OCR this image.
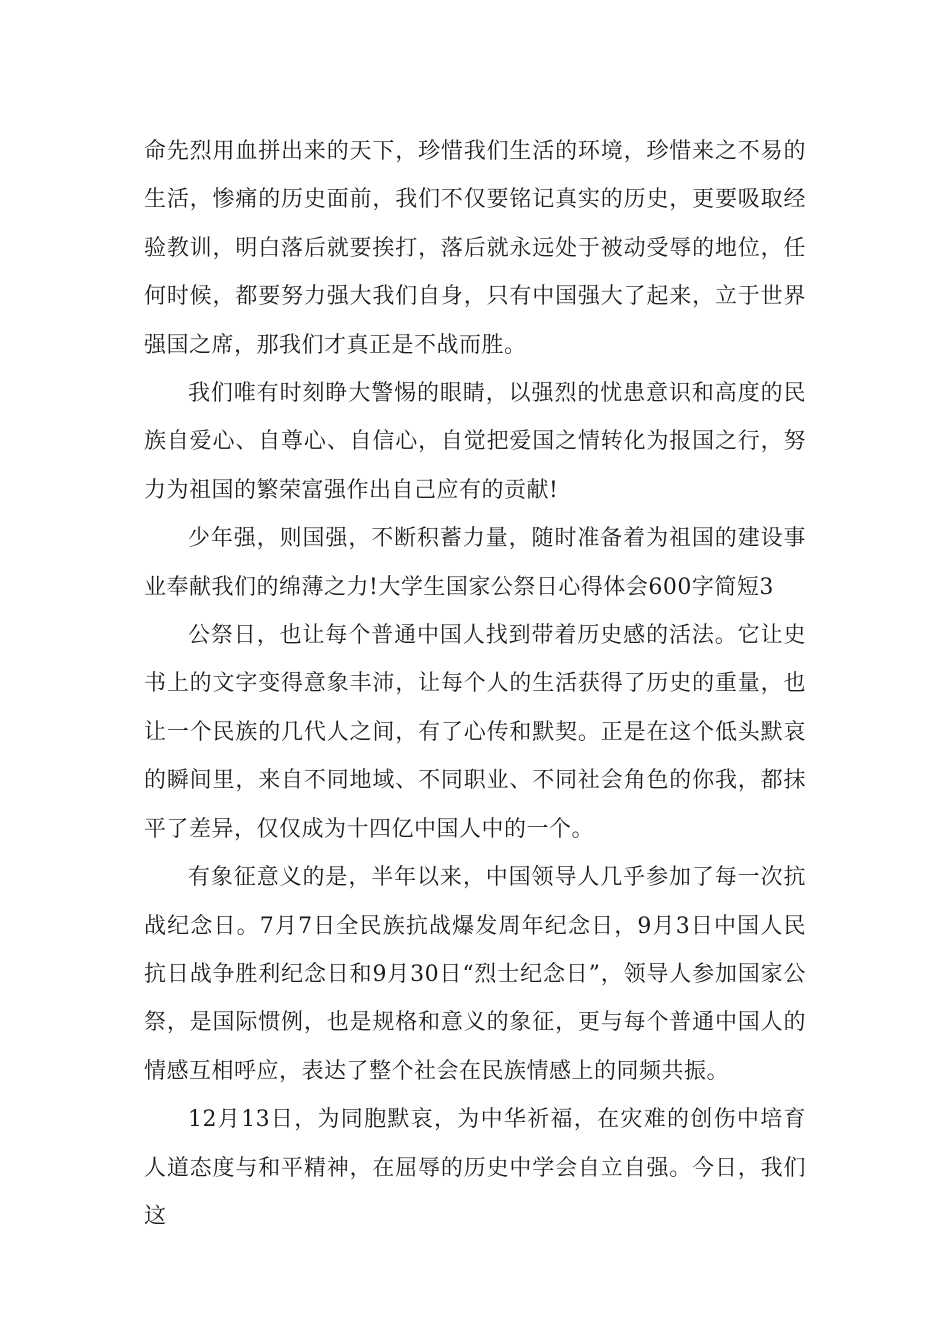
命先烈用血拼出来的天下，珍惜我们生活的环境，珍惜来之不易的生活，惨痛的历史面前，我们不仅要铭记真实的历史，更要吸取经验教训，明白落后就要挨打，落后就永远处于被动受辱的地位，任何时候，都要努力强大我们自身，只有中国强大了起来，立于世界强国之席，那我们才真正是不战而胜。

我们唯有时刻睁大警惕的眼睛，以强烈的忧患意识和高度的民族自爱心、自尊心、自信心，自觉把爱国之情转化为报国之行，努力为祖国的繁荣富强作出自己应有的贡献!

少年强，则国强，不断积蓄力量，随时准备着为祖国的建设事业奉献我们的绵薄之力!大学生国家公祭日心得体会600字简短3

公祭日，也让每个普通中国人找到带着历史感的活法。它让史书上的文字变得意象丰沛，让每个人的生活获得了历史的重量，也让一个民族的几代人之间，有了心传和默契。正是在这个低头默哀的瞬间里，来自不同地域、不同职业、不同社会角色的你我，都抹平了差异，仅仅成为十四亿中国人中的一个。

有象征意义的是，半年以来，中国领导人几乎参加了每一次抗战纪念日。7月7日全民族抗战爆发周年纪念日，9月3日中国人民抗日战争胜利纪念日和9月30日“烈士纪念日”，领导人参加国家公祭，是国际惯例，也是规格和意义的象征，更与每个普通中国人的情感互相呼应，表达了整个社会在民族情感上的同频共振。

12月13日，为同胞默哀，为中华祈福，在灾难的创伤中培育人道态度与和平精神，在屈辱的历史中学会自立自强。今日，我们这
